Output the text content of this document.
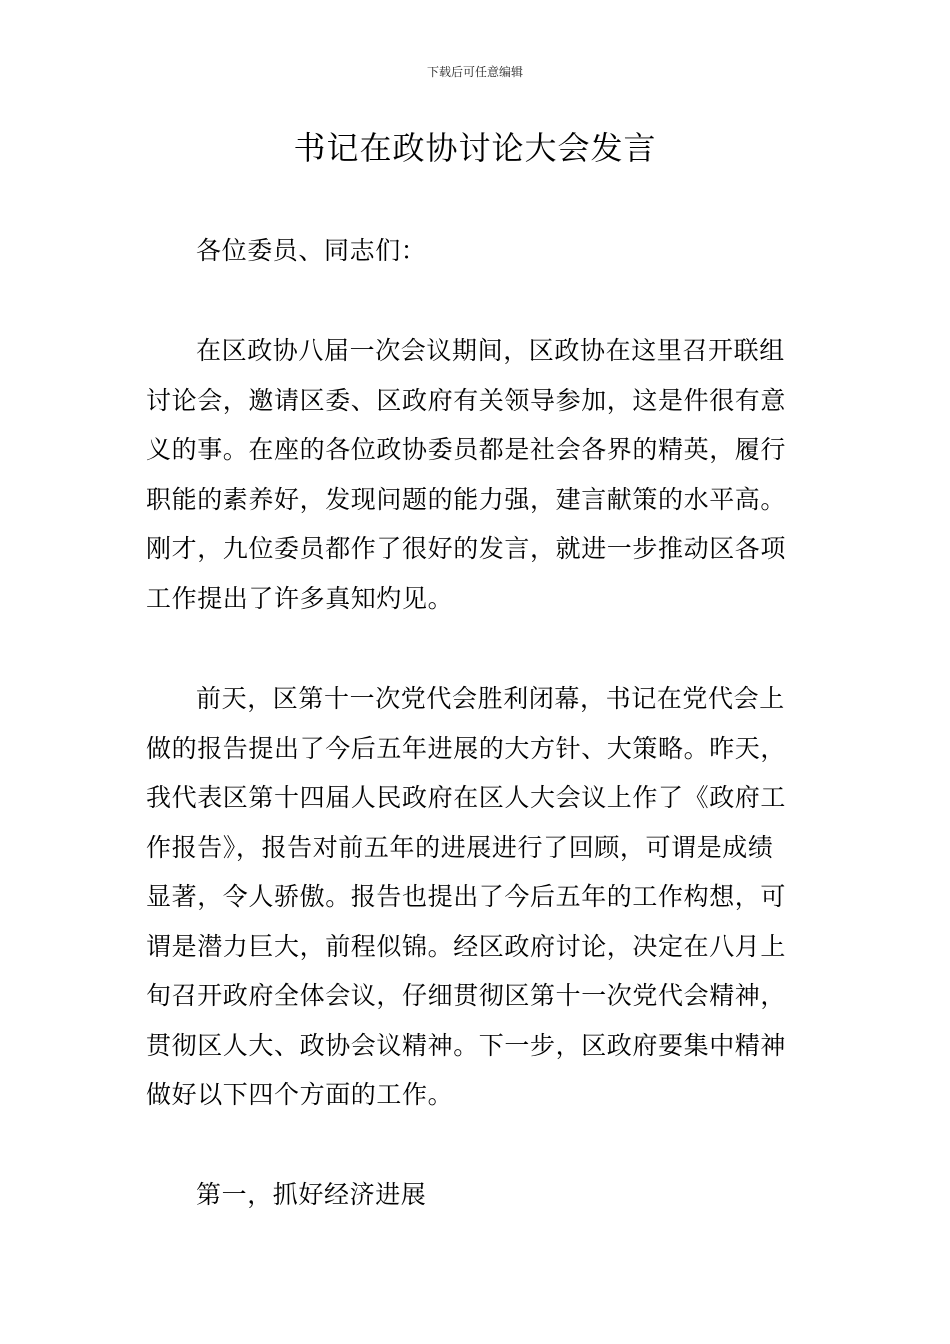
下载后可任意编辑
书记在政协讨论大会发言

各位委员、同志们：

在区政协八届一次会议期间，区政协在这里召开联组
讨论会，邀请区委、区政府有关领导参加，这是件很有意
义的事。在座的各位政协委员都是社会各界的精英，履行
职能的素养好，发现问题的能力强，建言献策的水平高。
刚才，九位委员都作了很好的发言，就进一步推动区各项
工作提出了许多真知灼见。

前天，区第十一次党代会胜利闭幕，书记在党代会上
做的报告提出了今后五年进展的大方针、大策略。昨天，
我代表区第十四届人民政府在区人大会议上作了《政府工
作报告》，报告对前五年的进展进行了回顾，可谓是成绩
显著，令人骄傲。报告也提出了今后五年的工作构想，可
谓是潜力巨大，前程似锦。经区政府讨论，决定在八月上
旬召开政府全体会议，仔细贯彻区第十一次党代会精神，
贯彻区人大、政协会议精神。下一步，区政府要集中精神
做好以下四个方面的工作。

第一，抓好经济进展
